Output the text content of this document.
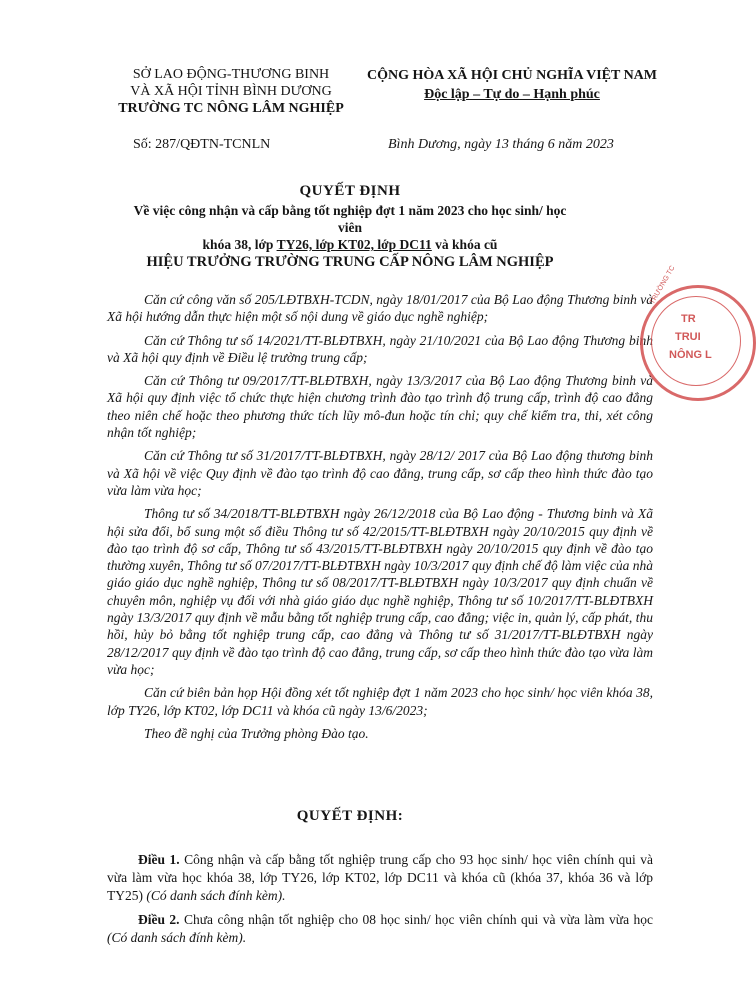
SỞ LAO ĐỘNG-THƯƠNG BINH
VÀ XÃ HỘI TỈNH BÌNH DƯƠNG
TRƯỜNG TC NÔNG LÂM NGHIỆP
CỘNG HÒA XÃ HỘI CHỦ NGHĨA VIỆT NAM
Độc lập – Tự do – Hạnh phúc
Số: 287/QĐTN-TCNLN	Bình Dương, ngày 13 tháng 6 năm 2023
QUYẾT ĐỊNH
Về việc công nhận và cấp bằng tốt nghiệp đợt 1 năm 2023 cho học sinh/ học viên
khóa 38, lớp TY26, lớp KT02, lớp DC11 và khóa cũ
HIỆU TRƯỞNG TRƯỜNG TRUNG CẤP NÔNG LÂM NGHIỆP

Căn cứ công văn số 205/LĐTBXH-TCDN, ngày 18/01/2017 của Bộ Lao động Thương binh và Xã hội hướng dẫn thực hiện một số nội dung về giáo dục nghề nghiệp;

Căn cứ Thông tư số 14/2021/TT-BLĐTBXH, ngày 21/10/2021 của Bộ Lao động Thương binh và Xã hội quy định về Điều lệ trường trung cấp;

Căn cứ Thông tư 09/2017/TT-BLĐTBXH, ngày 13/3/2017 của Bộ Lao động Thương binh và Xã hội quy định việc tổ chức thực hiện chương trình đào tạo trình độ trung cấp, trình độ cao đẳng theo niên chế hoặc theo phương thức tích lũy mô-đun hoặc tín chỉ; quy chế kiểm tra, thi, xét công nhận tốt nghiệp;

Căn cứ Thông tư số 31/2017/TT-BLĐTBXH, ngày 28/12/ 2017 của Bộ Lao động thương binh và Xã hội về việc Quy định về đào tạo trình độ cao đẳng, trung cấp, sơ cấp theo hình thức đào tạo vừa làm vừa học;

Thông tư số 34/2018/TT-BLĐTBXH ngày 26/12/2018 của Bộ Lao động - Thương binh và Xã hội sửa đổi, bổ sung một số điều Thông tư số 42/2015/TT-BLĐTBXH ngày 20/10/2015 quy định về đào tạo trình độ sơ cấp, Thông tư số 43/2015/TT-BLĐTBXH ngày 20/10/2015 quy định về đào tạo thường xuyên, Thông tư số 07/2017/TT-BLĐTBXH ngày 10/3/2017 quy định chế độ làm việc của nhà giáo giáo dục nghề nghiệp, Thông tư số 08/2017/TT-BLĐTBXH ngày 10/3/2017 quy định chuẩn về chuyên môn, nghiệp vụ đối với nhà giáo giáo dục nghề nghiệp, Thông tư số 10/2017/TT-BLĐTBXH ngày 13/3/2017 quy định về mẫu bằng tốt nghiệp trung cấp, cao đẳng; việc in, quản lý, cấp phát, thu hồi, hủy bỏ bằng tốt nghiệp trung cấp, cao đẳng và Thông tư số 31/2017/TT-BLĐTBXH ngày 28/12/2017 quy định về đào tạo trình độ cao đẳng, trung cấp, sơ cấp theo hình thức đào tạo vừa làm vừa học;

Căn cứ biên bản họp Hội đồng xét tốt nghiệp đợt 1 năm 2023 cho học sinh/ học viên khóa 38, lớp TY26, lớp KT02, lớp DC11 và khóa cũ ngày 13/6/2023;

Theo đề nghị của Trưởng phòng Đào tạo.

QUYẾT ĐỊNH:

Điều 1. Công nhận và cấp bằng tốt nghiệp trung cấp cho 93 học sinh/ học viên chính qui và vừa làm vừa học khóa 38, lớp TY26, lớp KT02, lớp DC11 và khóa cũ (khóa 37, khóa 36 và lớp TY25) (Có danh sách đính kèm).

Điều 2. Chưa công nhận tốt nghiệp cho 08 học sinh/ học viên chính qui và vừa làm vừa học (Có danh sách đính kèm).

TRƯỜNG TC
TR
TRUI
NÔNG L
